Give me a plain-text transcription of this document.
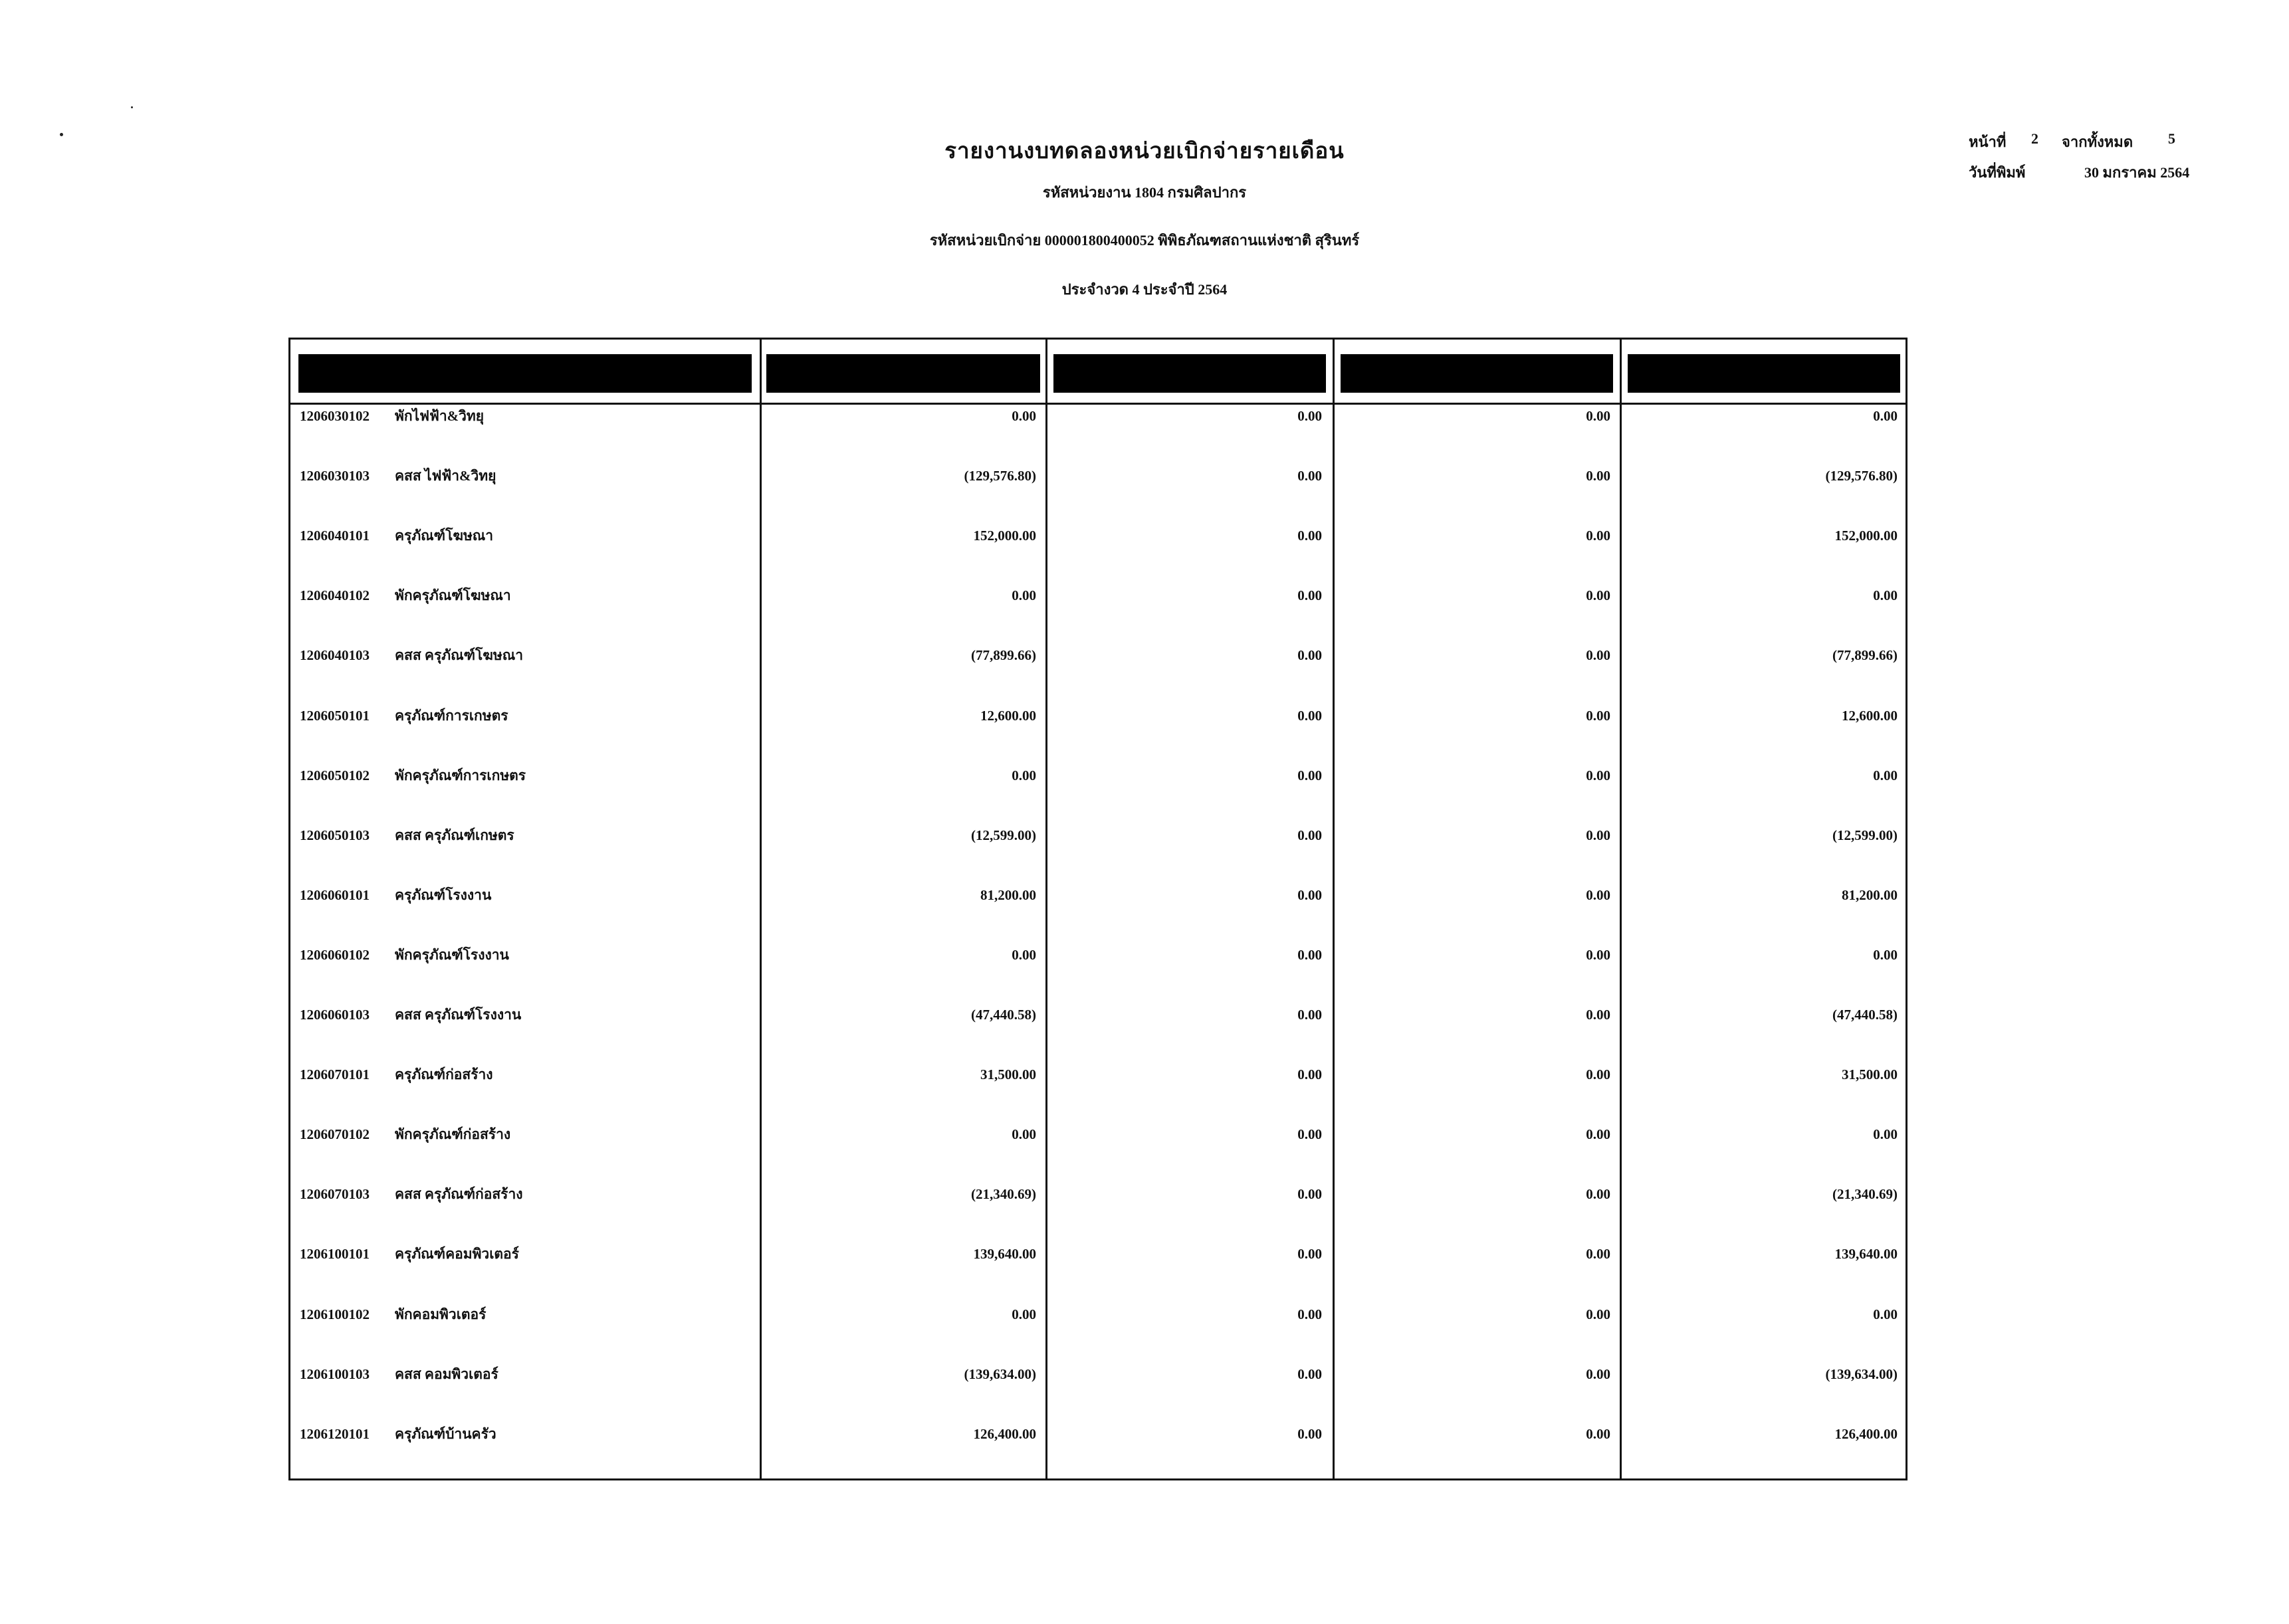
รายงานงบทดลองหน่วยเบิกจ่ายรายเดือน
รหัสหน่วยงาน 1804 กรมศิลปากร
รหัสหน่วยเบิกจ่าย 000001800400052 พิพิธภัณฑสถานแห่งชาติ สุรินทร์
ประจำงวด 4 ประจำปี 2564
หน้าที่ 2 จากทั้งหมด 5
วันที่พิมพ์	30 มกราคม 2564
1206030102 พักไฟฟ้า&วิทยุ	0.00	0.00	0.00	0.00
1206030103 คสส ไฟฟ้า&วิทยุ	(129,576.80)	0.00	0.00	(129,576.80)
1206040101 ครุภัณฑ์โฆษณา	152,000.00	0.00	0.00	152,000.00
1206040102 พักครุภัณฑ์โฆษณา	0.00	0.00	0.00	0.00
1206040103 คสส ครุภัณฑ์โฆษณา	(77,899.66)	0.00	0.00	(77,899.66)
1206050101 ครุภัณฑ์การเกษตร	12,600.00	0.00	0.00	12,600.00
1206050102 พักครุภัณฑ์การเกษตร	0.00	0.00	0.00	0.00
1206050103 คสส ครุภัณฑ์เกษตร	(12,599.00)	0.00	0.00	(12,599.00)
1206060101 ครุภัณฑ์โรงงาน	81,200.00	0.00	0.00	81,200.00
1206060102 พักครุภัณฑ์โรงงาน	0.00	0.00	0.00	0.00
1206060103 คสส ครุภัณฑ์โรงงาน	(47,440.58)	0.00	0.00	(47,440.58)
1206070101 ครุภัณฑ์ก่อสร้าง	31,500.00	0.00	0.00	31,500.00
1206070102 พักครุภัณฑ์ก่อสร้าง	0.00	0.00	0.00	0.00
1206070103 คสส ครุภัณฑ์ก่อสร้าง	(21,340.69)	0.00	0.00	(21,340.69)
1206100101 ครุภัณฑ์คอมพิวเตอร์	139,640.00	0.00	0.00	139,640.00
1206100102 พักคอมพิวเตอร์	0.00	0.00	0.00	0.00
1206100103 คสส คอมพิวเตอร์	(139,634.00)	0.00	0.00	(139,634.00)
1206120101 ครุภัณฑ์บ้านครัว	126,400.00	0.00	0.00	126,400.00
